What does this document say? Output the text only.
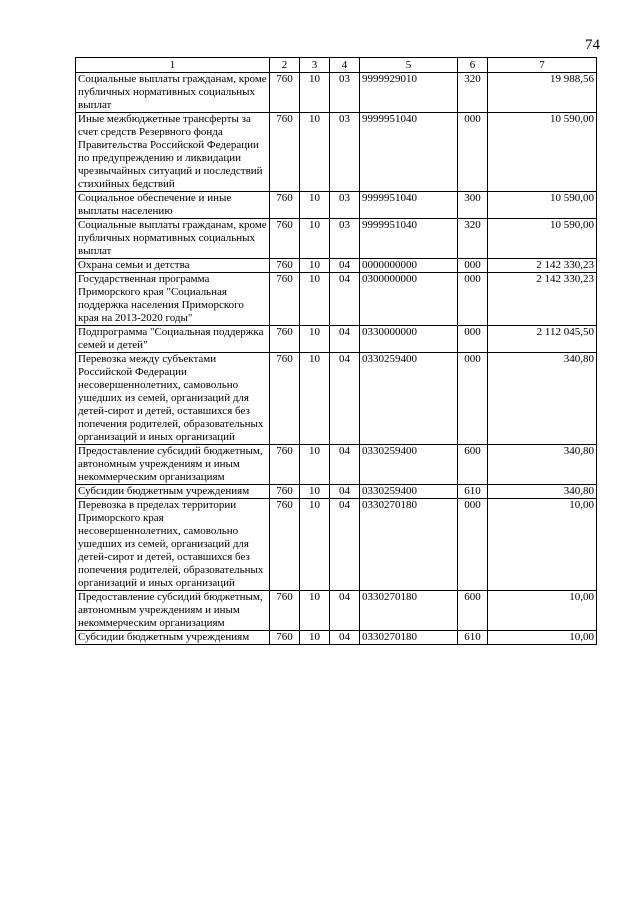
74
1	2	3	4	5	6	7
Социальные выплаты гражданам, кроме публичных нормативных социальных выплат	760	10	03	9999929010	320	19 988,56
Иные межбюджетные трансферты за счет средств Резервного фонда Правительства Российской Федерации по предупреждению и ликвидации чрезвычайных ситуаций и последствий стихийных бедствий	760	10	03	9999951040	000	10 590,00
Социальное обеспечение и иные выплаты населению	760	10	03	9999951040	300	10 590,00
Социальные выплаты гражданам, кроме публичных нормативных социальных выплат	760	10	03	9999951040	320	10 590,00
Охрана семьи и детства	760	10	04	0000000000	000	2 142 330,23
Государственная программа Приморского края "Социальная поддержка населения Приморского края на 2013-2020 годы"	760	10	04	0300000000	000	2 142 330,23
Подпрограмма "Социальная поддержка семей и детей"	760	10	04	0330000000	000	2 112 045,50
Перевозка между субъектами Российской Федерации несовершеннолетних, самовольно ушедших из семей, организаций для детей-сирот и детей, оставшихся без попечения родителей, образовательных организаций и иных организаций	760	10	04	0330259400	000	340,80
Предоставление субсидий бюджетным, автономным учреждениям и иным некоммерческим организациям	760	10	04	0330259400	600	340,80
Субсидии бюджетным учреждениям	760	10	04	0330259400	610	340,80
Перевозка в пределах территории Приморского края несовершеннолетних, самовольно ушедших из семей, организаций для детей-сирот и детей, оставшихся без попечения родителей, образовательных организаций и иных организаций	760	10	04	0330270180	000	10,00
Предоставление субсидий бюджетным, автономным учреждениям и иным некоммерческим организациям	760	10	04	0330270180	600	10,00
Субсидии бюджетным учреждениям	760	10	04	0330270180	610	10,00
